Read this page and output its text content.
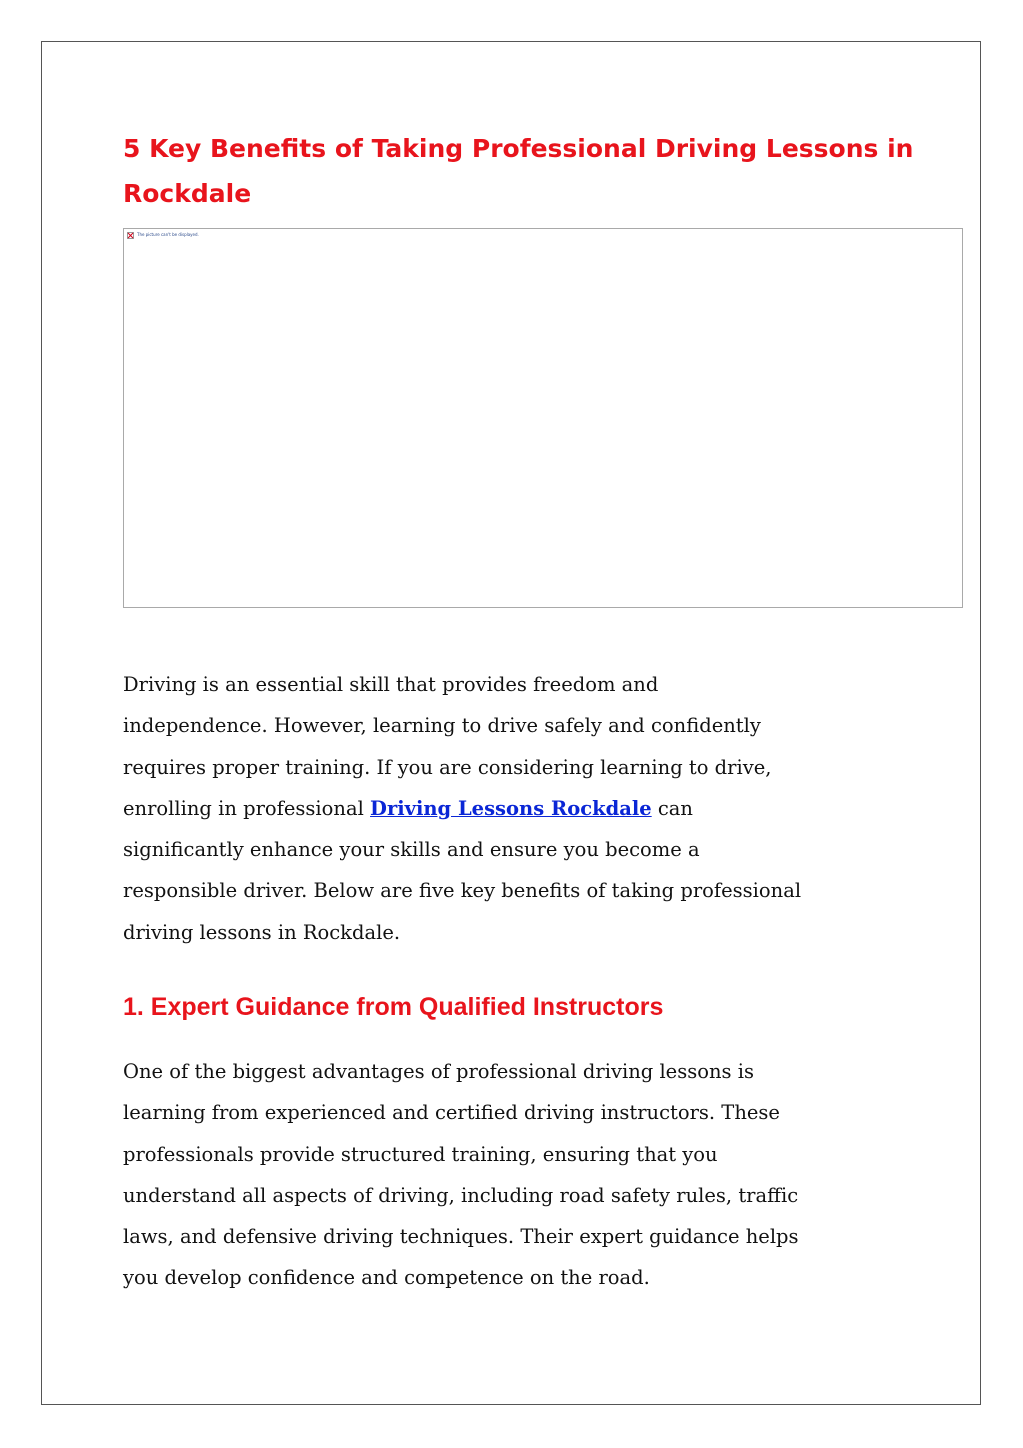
5 Key Benefits of Taking Professional Driving Lessons in Rockdale
The picture can't be displayed.

Driving is an essential skill that provides freedom and
independence. However, learning to drive safely and confidently
requires proper training. If you are considering learning to drive,
enrolling in professional Driving Lessons Rockdale can
significantly enhance your skills and ensure you become a
responsible driver. Below are five key benefits of taking professional
driving lessons in Rockdale.

1. Expert Guidance from Qualified Instructors

One of the biggest advantages of professional driving lessons is
learning from experienced and certified driving instructors. These
professionals provide structured training, ensuring that you
understand all aspects of driving, including road safety rules, traffic
laws, and defensive driving techniques. Their expert guidance helps
you develop confidence and competence on the road.
